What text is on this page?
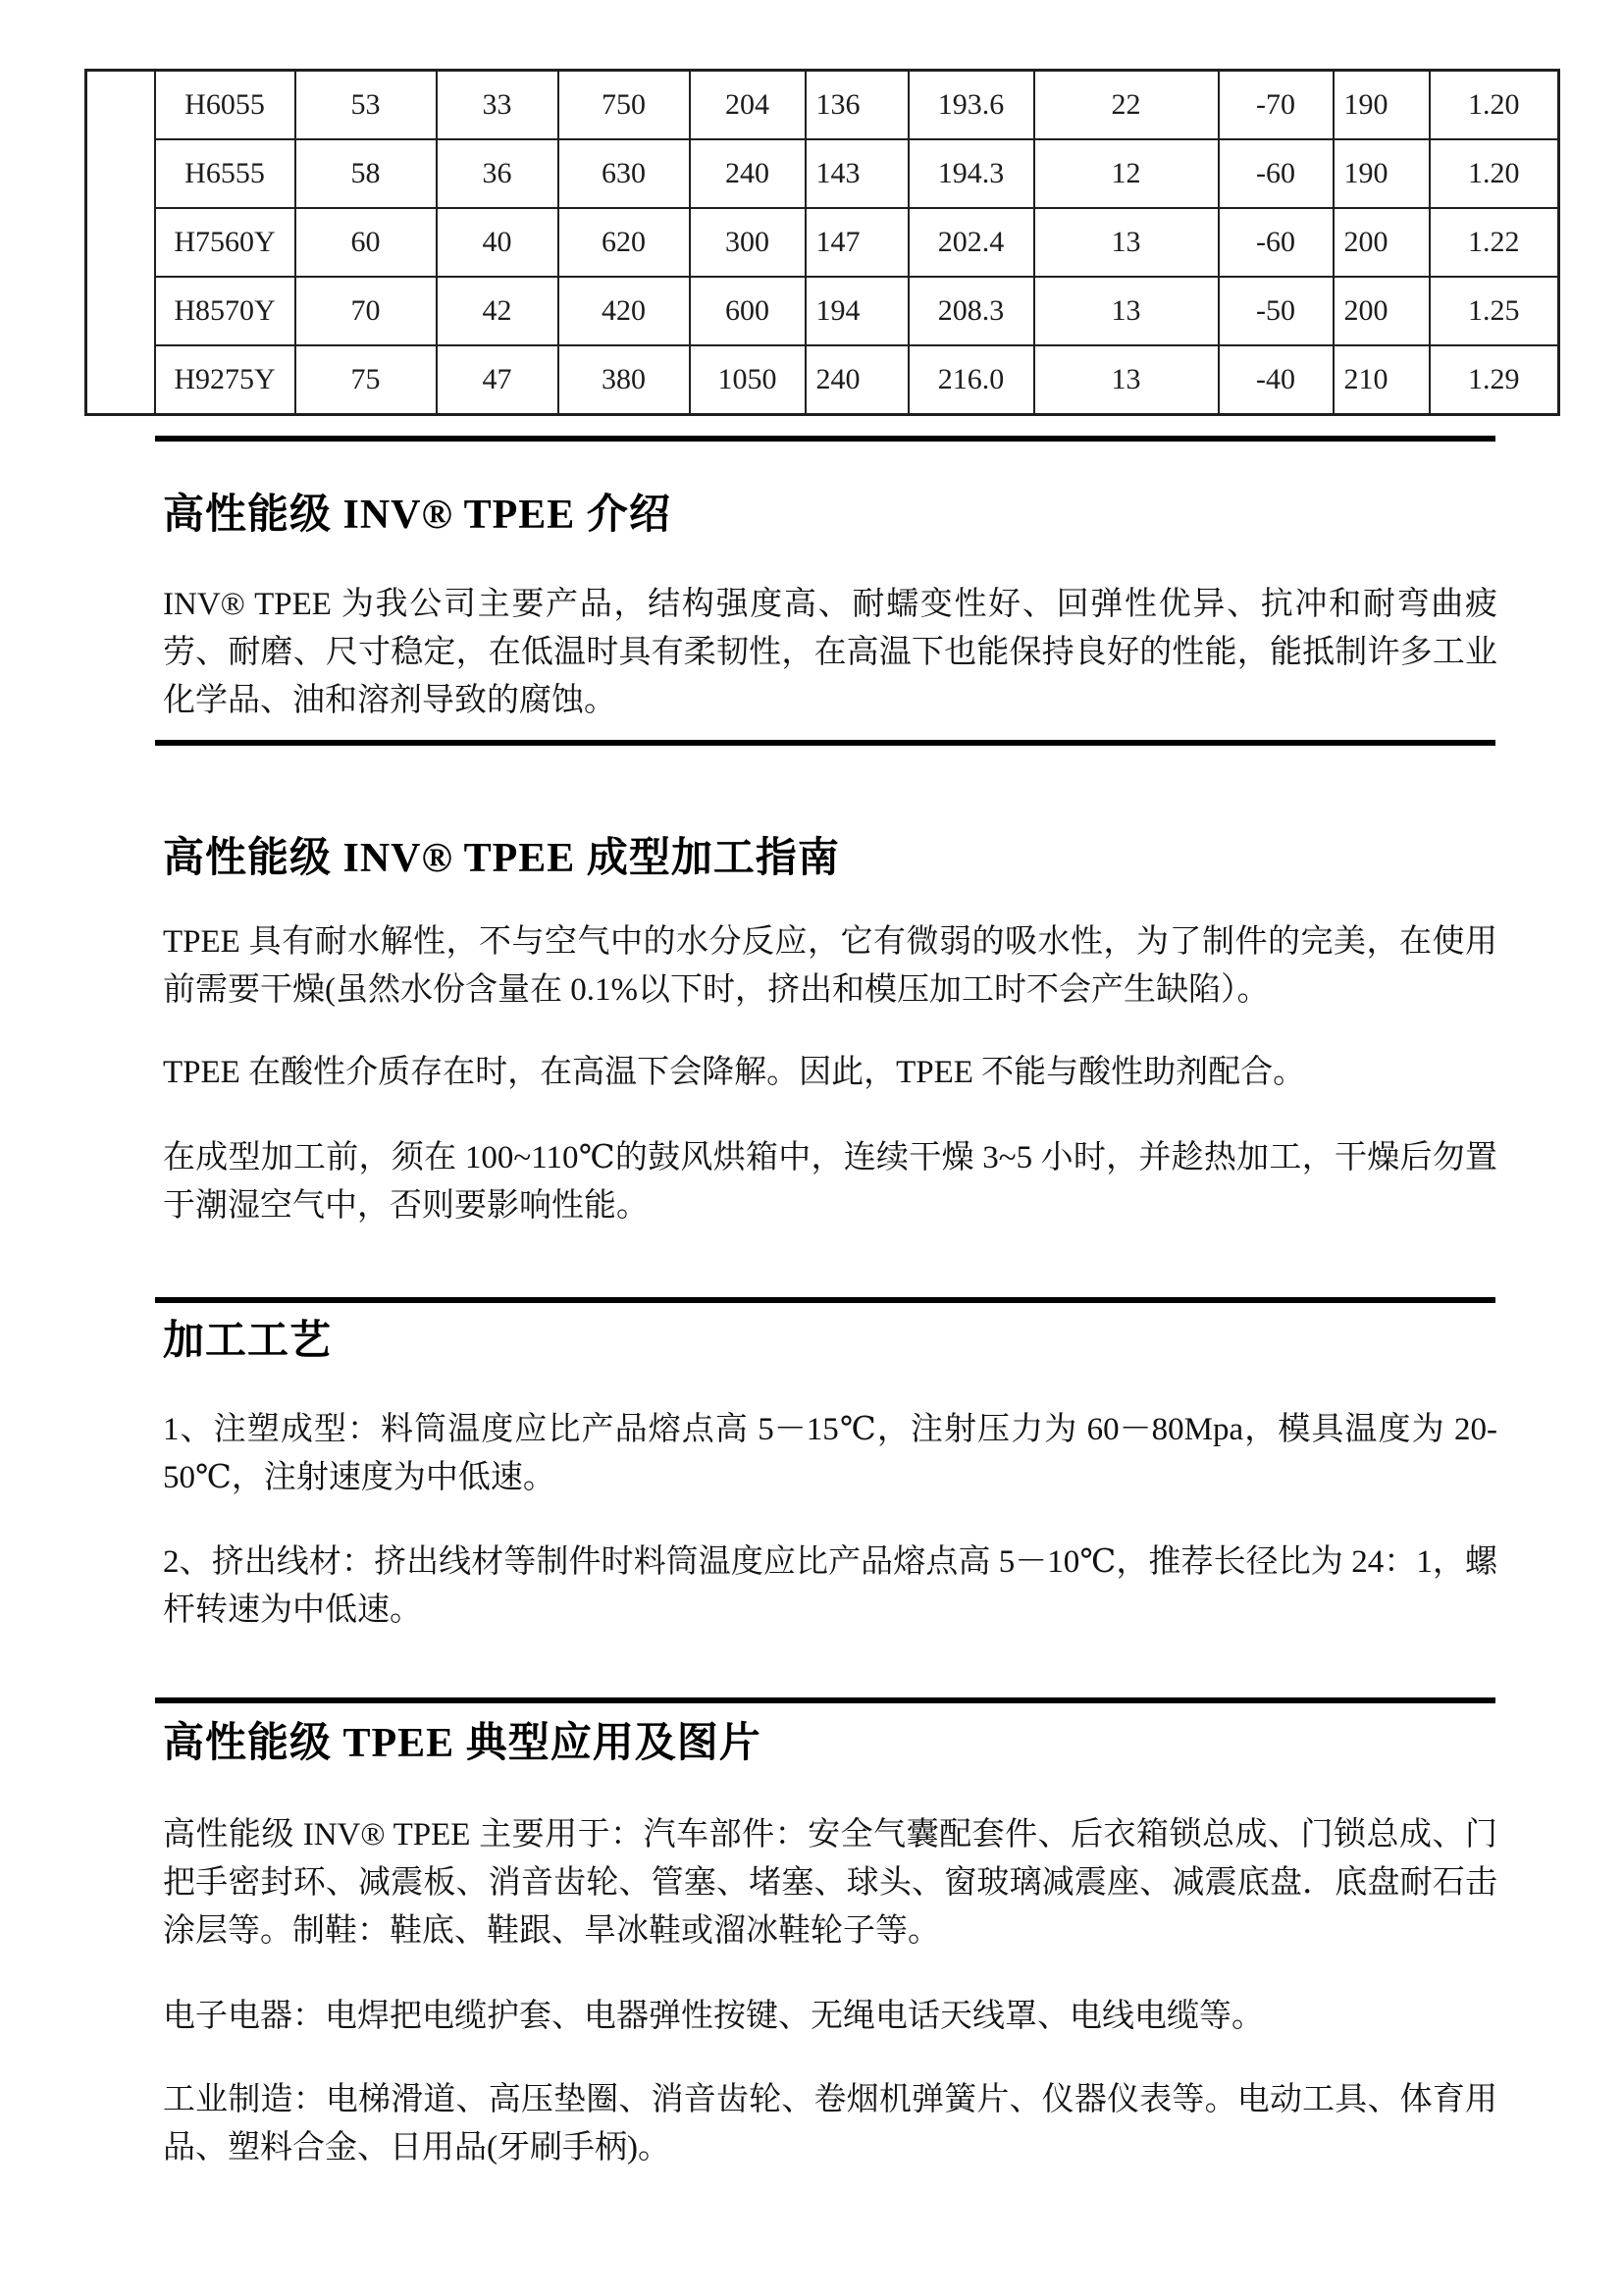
	H6055	53	33	750	204	136	193.6	22	-70	190	1.20
	H6555	58	36	630	240	143	194.3	12	-60	190	1.20
	H7560Y	60	40	620	300	147	202.4	13	-60	200	1.22
	H8570Y	70	42	420	600	194	208.3	13	-50	200	1.25
	H9275Y	75	47	380	1050	240	216.0	13	-40	210	1.29
高性能级 INV® TPEE 介绍

INV® TPEE 为我公司主要产品，结构强度高、耐蠕变性好、回弹性优异、抗冲和耐弯曲疲劳、耐磨、尺寸稳定，在低温时具有柔韧性，在高温下也能保持良好的性能，能抵制许多工业化学品、油和溶剂导致的腐蚀。

高性能级 INV® TPEE 成型加工指南

TPEE 具有耐水解性，不与空气中的水分反应，它有微弱的吸水性，为了制件的完美，在使用前需要干燥(虽然水份含量在 0.1%以下时，挤出和模压加工时不会产生缺陷）。

TPEE 在酸性介质存在时，在高温下会降解。因此，TPEE 不能与酸性助剂配合。

在成型加工前，须在 100~110℃的鼓风烘箱中，连续干燥 3~5 小时，并趁热加工，干燥后勿置于潮湿空气中，否则要影响性能。

加工工艺

1、注塑成型：料筒温度应比产品熔点高 5－15℃，注射压力为 60－80Mpa，模具温度为 20-50℃，注射速度为中低速。

2、挤出线材：挤出线材等制件时料筒温度应比产品熔点高 5－10℃，推荐长径比为 24：1，螺杆转速为中低速。

高性能级 TPEE 典型应用及图片

高性能级 INV® TPEE 主要用于：汽车部件：安全气囊配套件、后衣箱锁总成、门锁总成、门把手密封环、减震板、消音齿轮、管塞、堵塞、球头、窗玻璃减震座、减震底盘．底盘耐石击涂层等。制鞋：鞋底、鞋跟、旱冰鞋或溜冰鞋轮子等。

电子电器：电焊把电缆护套、电器弹性按键、无绳电话天线罩、电线电缆等。

工业制造：电梯滑道、高压垫圈、消音齿轮、卷烟机弹簧片、仪器仪表等。电动工具、体育用品、塑料合金、日用品(牙刷手柄)。
